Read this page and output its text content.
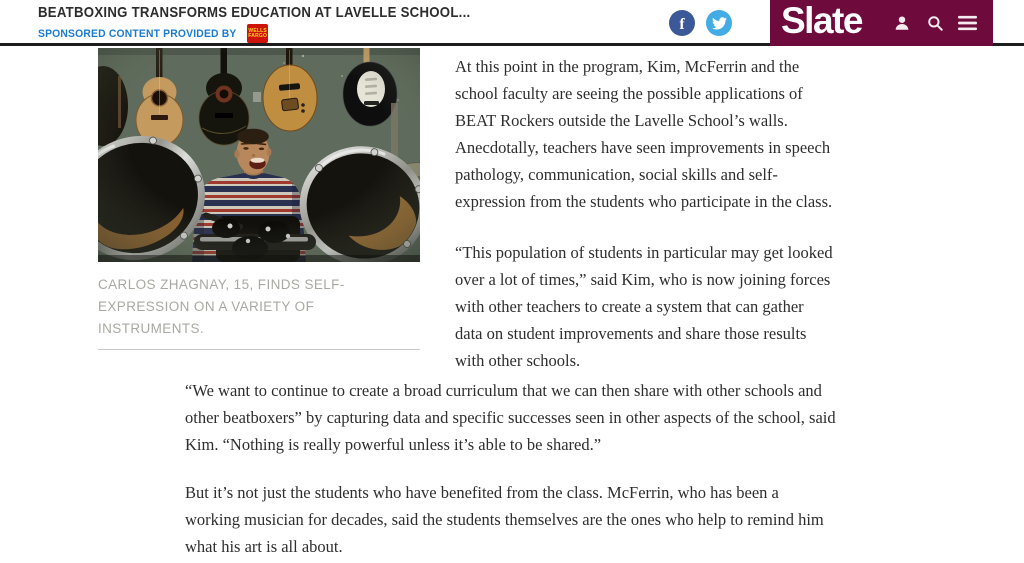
BEATBOXING TRANSFORMS EDUCATION AT LAVELLE SCHOOL...
SPONSORED CONTENT PROVIDED BY WELLS
FARGO
f	Slate
CARLOS ZHAGNAY, 15, FINDS SELF-EXPRESSION ON A VARIETY OF INSTRUMENTS.

At this point in the program, Kim, McFerrin and the school faculty are seeing the possible applications of BEAT Rockers outside the Lavelle School’s walls. Anecdotally, teachers have seen improvements in speech pathology, communication, social skills and self-expression from the students who participate in the class.

“This population of students in particular may get looked over a lot of times,” said Kim, who is now joining forces with other teachers to create a system that can gather data on student improvements and share those results with other schools.

“We want to continue to create a broad curriculum that we can then share with other schools and other beatboxers” by capturing data and specific successes seen in other aspects of the school, said Kim. “Nothing is really powerful unless it’s able to be shared.”

But it’s not just the students who have benefited from the class. McFerrin, who has been a working musician for decades, said the students themselves are the ones who help to remind him what his art is all about.
